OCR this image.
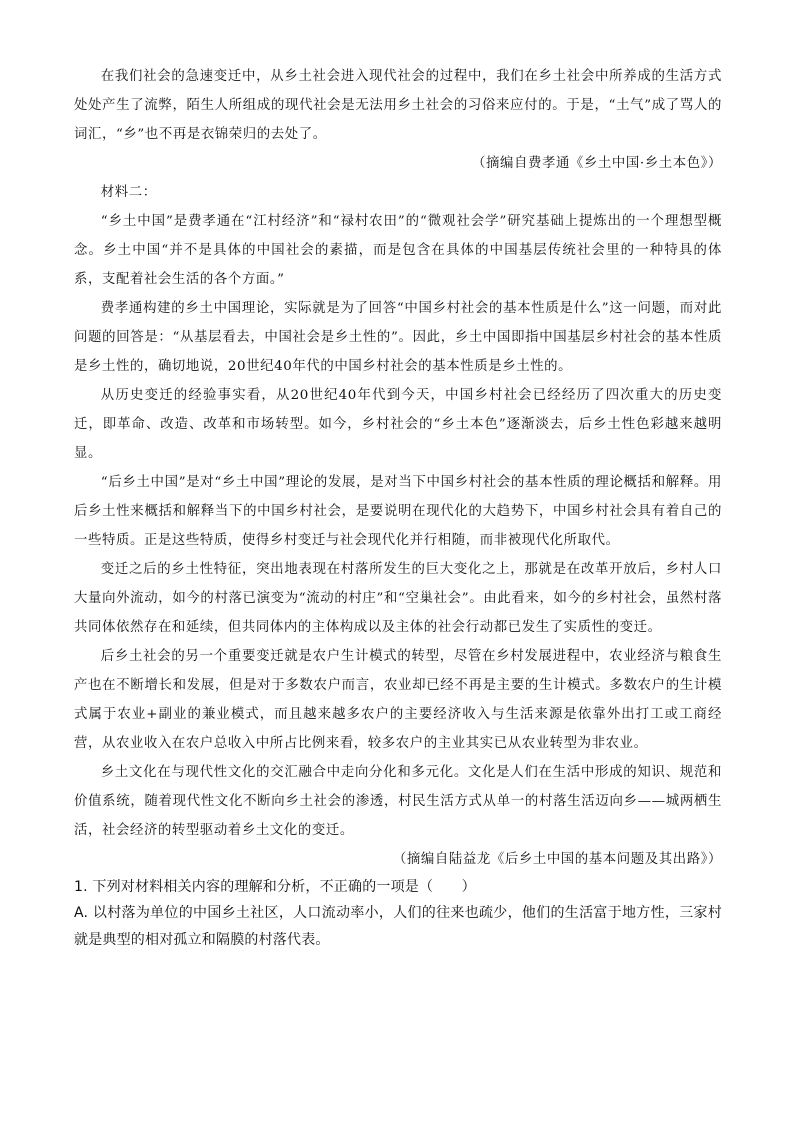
在我们社会的急速变迁中，从乡土社会进入现代社会的过程中，我们在乡土社会中所养成的生活方式处处产生了流弊，陌生人所组成的现代社会是无法用乡土社会的习俗来应付的。于是，“土气”成了骂人的词汇，“乡”也不再是衣锦荣归的去处了。

（摘编自费孝通《乡土中国·乡土本色》）

材料二：

“乡土中国”是费孝通在“江村经济”和“禄村农田”的“微观社会学”研究基础上提炼出的一个理想型概念。乡土中国“并不是具体的中国社会的素描，而是包含在具体的中国基层传统社会里的一种特具的体系，支配着社会生活的各个方面。”

费孝通构建的乡土中国理论，实际就是为了回答“中国乡村社会的基本性质是什么”这一问题，而对此问题的回答是：“从基层看去，中国社会是乡土性的”。因此，乡土中国即指中国基层乡村社会的基本性质是乡土性的，确切地说，20世纪40年代的中国乡村社会的基本性质是乡土性的。

从历史变迁的经验事实看，从20世纪40年代到今天，中国乡村社会已经经历了四次重大的历史变迁，即革命、改造、改革和市场转型。如今，乡村社会的“乡土本色”逐渐淡去，后乡土性色彩越来越明显。

“后乡土中国”是对“乡土中国”理论的发展，是对当下中国乡村社会的基本性质的理论概括和解释。用后乡土性来概括和解释当下的中国乡村社会，是要说明在现代化的大趋势下，中国乡村社会具有着自己的一些特质。正是这些特质，使得乡村变迁与社会现代化并行相随，而非被现代化所取代。

变迁之后的乡土性特征，突出地表现在村落所发生的巨大变化之上，那就是在改革开放后，乡村人口大量向外流动，如今的村落已演变为“流动的村庄”和“空巢社会”。由此看来，如今的乡村社会，虽然村落共同体依然存在和延续，但共同体内的主体构成以及主体的社会行动都已发生了实质性的变迁。

后乡土社会的另一个重要变迁就是农户生计模式的转型，尽管在乡村发展进程中，农业经济与粮食生产也在不断增长和发展，但是对于多数农户而言，农业却已经不再是主要的生计模式。多数农户的生计模式属于农业+副业的兼业模式，而且越来越多农户的主要经济收入与生活来源是依靠外出打工或工商经营，从农业收入在农户总收入中所占比例来看，较多农户的主业其实已从农业转型为非农业。

乡土文化在与现代性文化的交汇融合中走向分化和多元化。文化是人们在生活中形成的知识、规范和价值系统，随着现代性文化不断向乡土社会的渗透，村民生活方式从单一的村落生活迈向乡——城两栖生活，社会经济的转型驱动着乡土文化的变迁。

（摘编自陆益龙《后乡土中国的基本问题及其出路》）

1. 下列对材料相关内容的理解和分析，不正确的一项是（　　）

A. 以村落为单位的中国乡土社区，人口流动率小，人们的往来也疏少，他们的生活富于地方性，三家村就是典型的相对孤立和隔膜的村落代表。
